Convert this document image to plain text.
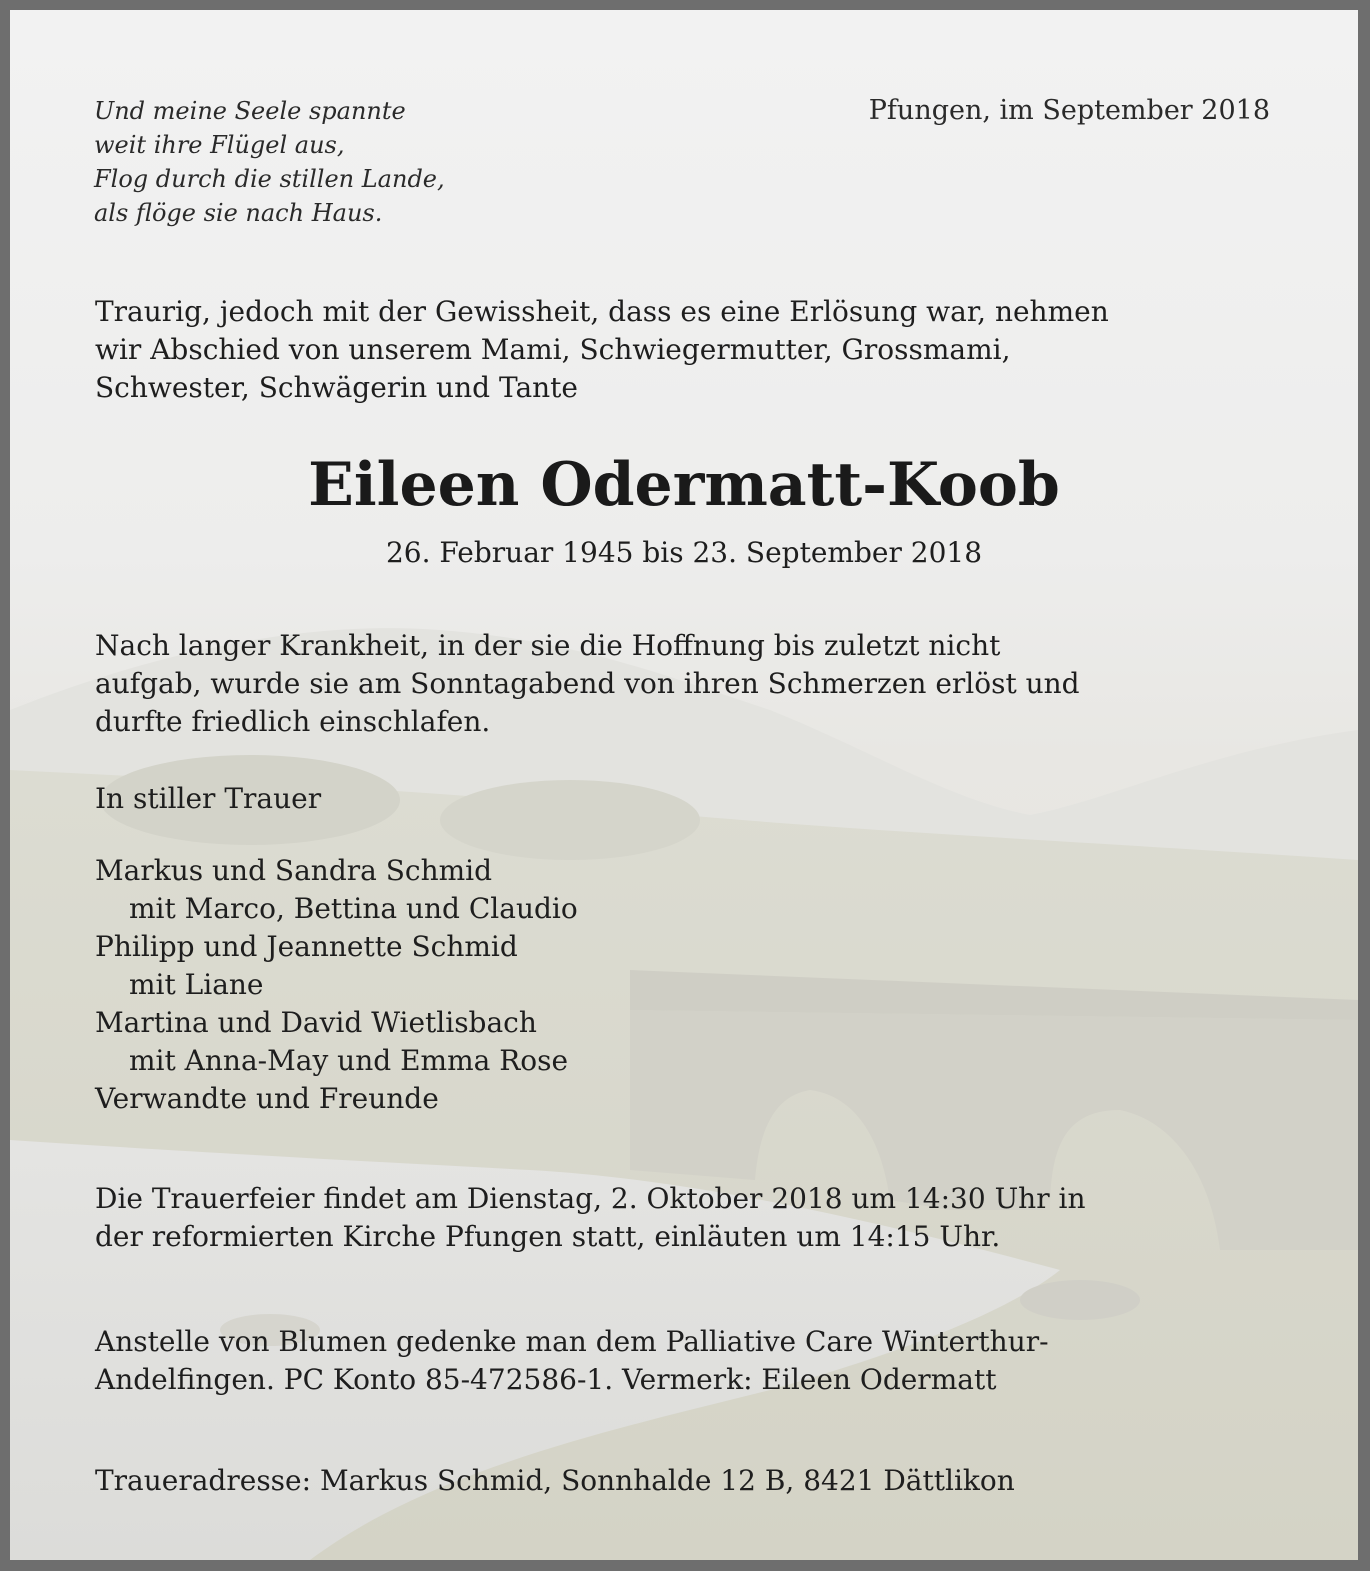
Und meine Seele spannte
weit ihre Flügel aus,
Flog durch die stillen Lande,
als flöge sie nach Haus.
Pfungen, im September 2018
Traurig, jedoch mit der Gewissheit, dass es eine Erlösung war, nehmen
wir Abschied von unserem Mami, Schwiegermutter, Grossmami,
Schwester, Schwägerin und Tante
Eileen Odermatt-Koob
26. Februar 1945 bis 23. September 2018
Nach langer Krankheit, in der sie die Hoffnung bis zuletzt nicht
aufgab, wurde sie am Sonntagabend von ihren Schmerzen erlöst und
durfte friedlich einschlafen.
In stiller Trauer
Markus und Sandra Schmid
mit Marco, Bettina und Claudio
Philipp und Jeannette Schmid
mit Liane
Martina und David Wietlisbach
mit Anna-May und Emma Rose
Verwandte und Freunde
Die Trauerfeier findet am Dienstag, 2. Oktober 2018 um 14:30 Uhr in
der reformierten Kirche Pfungen statt, einläuten um 14:15 Uhr.
Anstelle von Blumen gedenke man dem Palliative Care Winterthur-
Andelfingen. PC Konto 85-472586-1. Vermerk: Eileen Odermatt
Traueradresse: Markus Schmid, Sonnhalde 12 B, 8421 Dättlikon
